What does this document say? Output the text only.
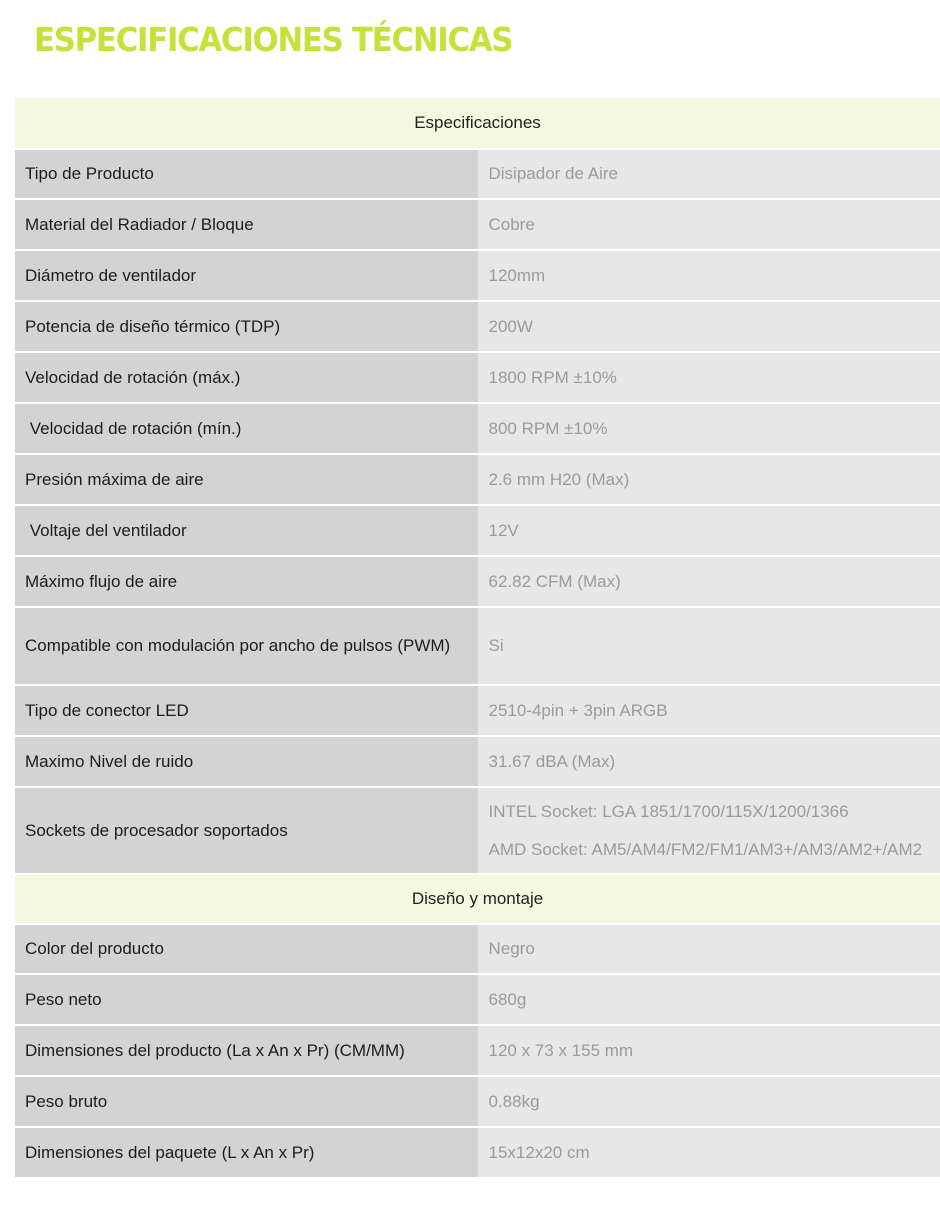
ESPECIFICACIONES TÉCNICAS
Especificaciones	
Tipo de Producto	Disipador de Aire

Material del Radiador / Bloque	Cobre

Diámetro de ventilador	120mm

Potencia de diseño térmico (TDP)	200W

Velocidad de rotación (máx.)	1800 RPM ±10%

Velocidad de rotación (mín.)	800 RPM ±10%

Presión máxima de aire	2.6 mm H20 (Max)

Voltaje del ventilador	12V

Máximo flujo de aire	62.82 CFM (Max)

Compatible con modulación por ancho de pulsos (PWM)	Si

Tipo de conector LED	2510-4pin + 3pin ARGB

Maximo Nivel de ruido	31.67 dBA (Max)

Sockets de procesador soportados	INTEL Socket: LGA 1851/1700/115X/1200/1366
AMD Socket: AM5/AM4/FM2/FM1/AM3+/AM3/AM2+/AM2

Diseño y montaje	
Color del producto	Negro

Peso neto	680g

Dimensiones del producto (La x An x Pr) (CM/MM)	120 x 73 x 155 mm

Peso bruto	0.88kg

Dimensiones del paquete (L x An x Pr)	15x12x20 cm
